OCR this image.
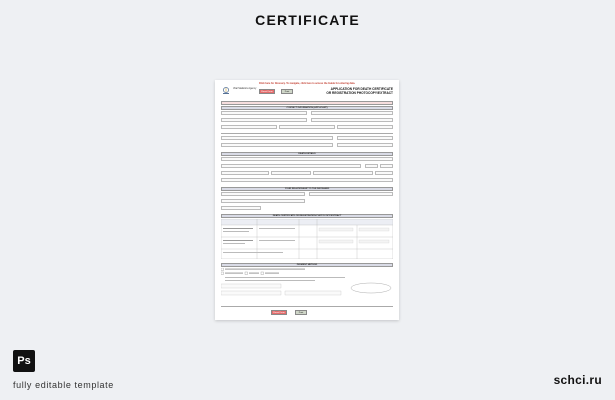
CERTIFICATE
Click here for Glossary. To navigate, click here to access the Guide for entering data.
Vital Statistics Agency
Reset Form	Print
APPLICATION FOR DEATH CERTIFICATE
OR REGISTRATION PHOTOCOPY/EXTRACT
CONTACT INFORMATION (APPLICANT)
DEATH DETAILS
YOUR RELATIONSHIP TO THE DECEASED
DEATH CERTIFICATE OR REGISTRATION PHOTOCOPY/EXTRACT
PAYMENT METHOD
Reset Form	Print
Ps
fully editable template	schci.ru
